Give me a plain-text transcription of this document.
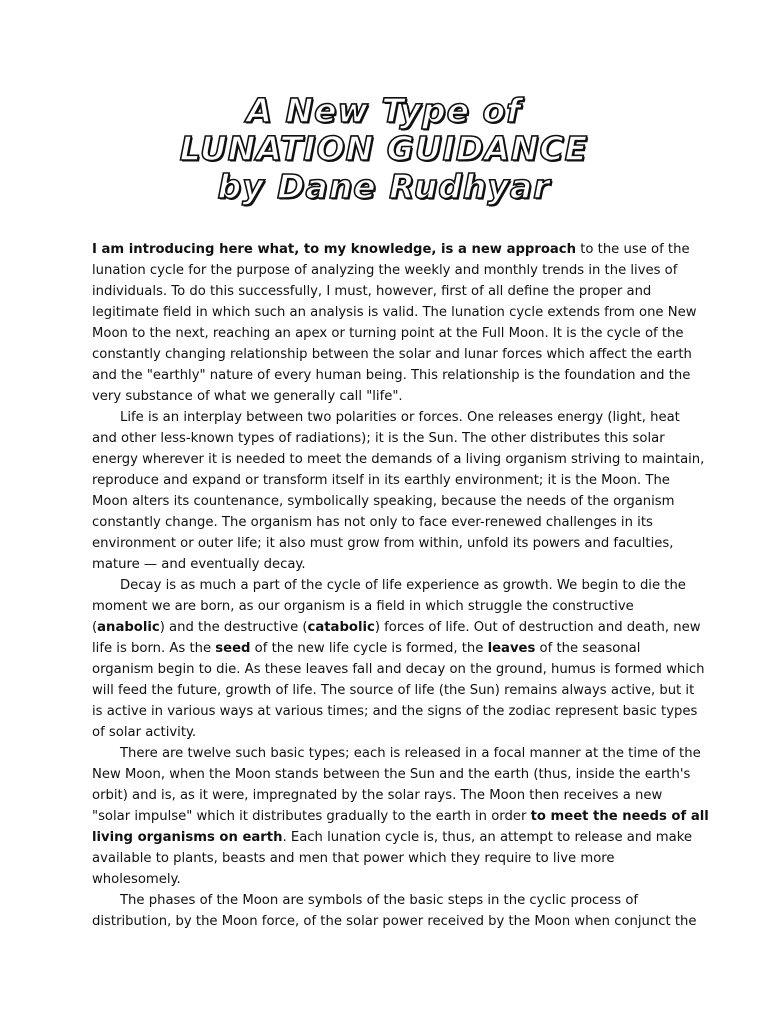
A New Type of
LUNATION GUIDANCE
by Dane Rudhyar
I am introducing here what, to my knowledge, is a new approach to the use of the
lunation cycle for the purpose of analyzing the weekly and monthly trends in the lives of
individuals. To do this successfully, I must, however, first of all define the proper and
legitimate field in which such an analysis is valid. The lunation cycle extends from one New
Moon to the next, reaching an apex or turning point at the Full Moon. It is the cycle of the
constantly changing relationship between the solar and lunar forces which affect the earth
and the "earthly" nature of every human being. This relationship is the foundation and the
very substance of what we generally call "life".
Life is an interplay between two polarities or forces. One releases energy (light, heat
and other less-known types of radiations); it is the Sun. The other distributes this solar
energy wherever it is needed to meet the demands of a living organism striving to maintain,
reproduce and expand or transform itself in its earthly environment; it is the Moon. The
Moon alters its countenance, symbolically speaking, because the needs of the organism
constantly change. The organism has not only to face ever-renewed challenges in its
environment or outer life; it also must grow from within, unfold its powers and faculties,
mature — and eventually decay.
Decay is as much a part of the cycle of life experience as growth. We begin to die the
moment we are born, as our organism is a field in which struggle the constructive
(anabolic) and the destructive (catabolic) forces of life. Out of destruction and death, new
life is born. As the seed of the new life cycle is formed, the leaves of the seasonal
organism begin to die. As these leaves fall and decay on the ground, humus is formed which
will feed the future, growth of life. The source of life (the Sun) remains always active, but it
is active in various ways at various times; and the signs of the zodiac represent basic types
of solar activity.
There are twelve such basic types; each is released in a focal manner at the time of the
New Moon, when the Moon stands between the Sun and the earth (thus, inside the earth's
orbit) and is, as it were, impregnated by the solar rays. The Moon then receives a new
"solar impulse" which it distributes gradually to the earth in order to meet the needs of all
living organisms on earth. Each lunation cycle is, thus, an attempt to release and make
available to plants, beasts and men that power which they require to live more
wholesomely.
The phases of the Moon are symbols of the basic steps in the cyclic process of
distribution, by the Moon force, of the solar power received by the Moon when conjunct the
